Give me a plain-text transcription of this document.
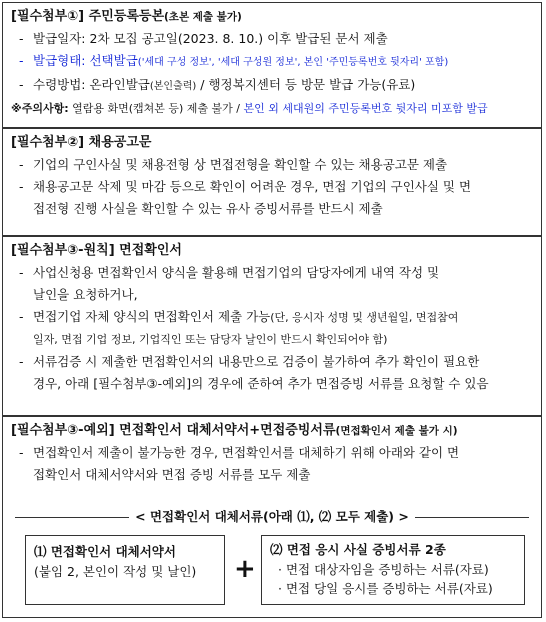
[필수첨부①] 주민등록등본(초본 제출 불가)
- 발급일자: 2차 모집 공고일(2023. 8. 10.) 이후 발급된 문서 제출
- 발급형태: 선택발급('세대 구성 정보', '세대 구성원 정보', 본인 '주민등록번호 뒷자리' 포함)
- 수령방법: 온라인발급(본인출력) / 행정복지센터 등 방문 발급 가능(유료)
※주의사항: 열람용 화면(캡쳐본 등) 제출 불가 / 본인 외 세대원의 주민등록번호 뒷자리 미포함 발급
[필수첨부②] 채용공고문
- 기업의 구인사실 및 채용전형 상 면접전형을 확인할 수 있는 채용공고문 제출
- 채용공고문 삭제 및 마감 등으로 확인이 어려운 경우, 면접 기업의 구인사실 및 면
접전형 진행 사실을 확인할 수 있는 유사 증빙서류를 반드시 제출
[필수첨부③-원칙] 면접확인서
- 사업신청용 면접확인서 양식을 활용해 면접기업의 담당자에게 내역 작성 및
날인을 요청하거나,
- 면접기업 자체 양식의 면접확인서 제출 가능(단, 응시자 성명 및 생년월일, 면접참여
일자, 면접 기업 정보, 기업직인 또는 담당자 날인이 반드시 확인되어야 함)
- 서류검증 시 제출한 면접확인서의 내용만으로 검증이 불가하여 추가 확인이 필요한
경우, 아래 [필수첨부③-예외]의 경우에 준하여 추가 면접증빙 서류를 요청할 수 있음
[필수첨부③-예외] 면접확인서 대체서약서+면접증빙서류(면접확인서 제출 불가 시)
- 면접확인서 제출이 불가능한 경우, 면접확인서를 대체하기 위해 아래와 같이 면
접확인서 대체서약서와 면접 증빙 서류를 모두 제출
< 면접확인서 대체서류(아래 ⑴, ⑵ 모두 제출) >
⑴ 면접확인서 대체서약서
(붙임 2, 본인이 작성 및 날인)	+
⑵ 면접 응시 사실 증빙서류 2종
· 면접 대상자임을 증빙하는 서류(자료)
· 면접 당일 응시를 증빙하는 서류(자료)
